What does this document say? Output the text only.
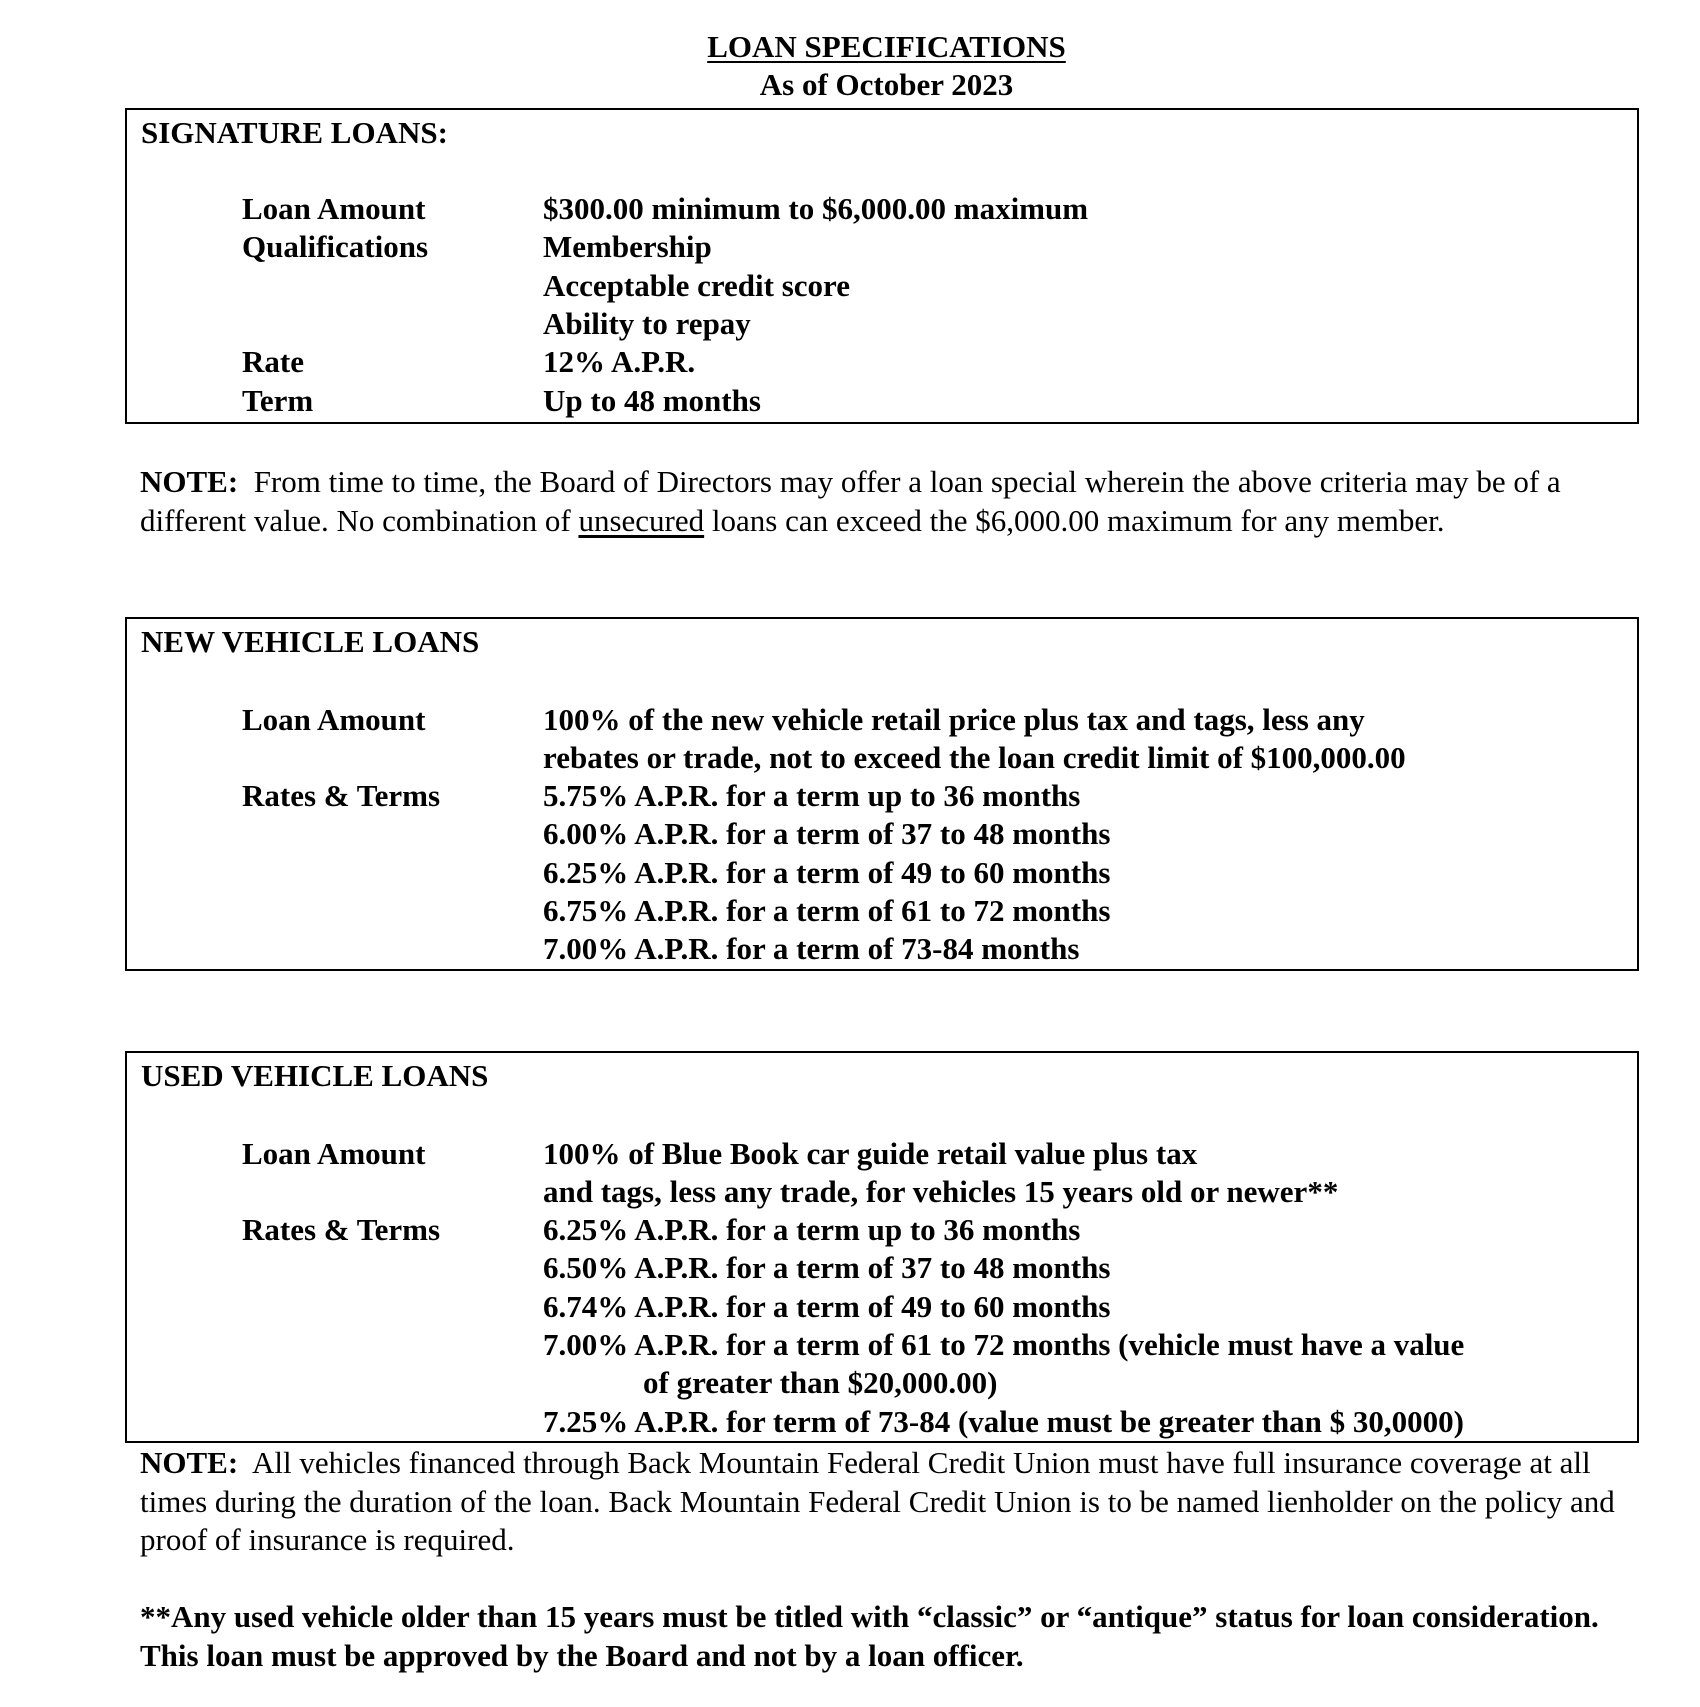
LOAN SPECIFICATIONS
As of October 2023
SIGNATURE LOANS:
Loan Amount	$300.00 minimum to $6,000.00 maximum
Qualifications	Membership
Acceptable credit score
Ability to repay
Rate	12% A.P.R.
Term	Up to 48 months
NOTE: From time to time, the Board of Directors may offer a loan special wherein the above criteria may be of a different value. No combination of unsecured loans can exceed the $6,000.00 maximum for any member.
NEW VEHICLE LOANS
Loan Amount	100% of the new vehicle retail price plus tax and tags, less any
rebates or trade, not to exceed the loan credit limit of $100,000.00
Rates & Terms	5.75% A.P.R. for a term up to 36 months
6.00% A.P.R. for a term of 37 to 48 months
6.25% A.P.R. for a term of 49 to 60 months
6.75% A.P.R. for a term of 61 to 72 months
7.00% A.P.R. for a term of 73-84 months
USED VEHICLE LOANS
Loan Amount	100% of Blue Book car guide retail value plus tax
and tags, less any trade, for vehicles 15 years old or newer**
Rates & Terms	6.25% A.P.R. for a term up to 36 months
6.50% A.P.R. for a term of 37 to 48 months
6.74% A.P.R. for a term of 49 to 60 months
7.00% A.P.R. for a term of 61 to 72 months (vehicle must have a value
of greater than $20,000.00)
7.25% A.P.R. for term of 73-84 (value must be greater than $ 30,0000)
NOTE: All vehicles financed through Back Mountain Federal Credit Union must have full insurance coverage at all times during the duration of the loan. Back Mountain Federal Credit Union is to be named lienholder on the policy and proof of insurance is required.
**Any used vehicle older than 15 years must be titled with “classic” or “antique” status for loan consideration. This loan must be approved by the Board and not by a loan officer.
